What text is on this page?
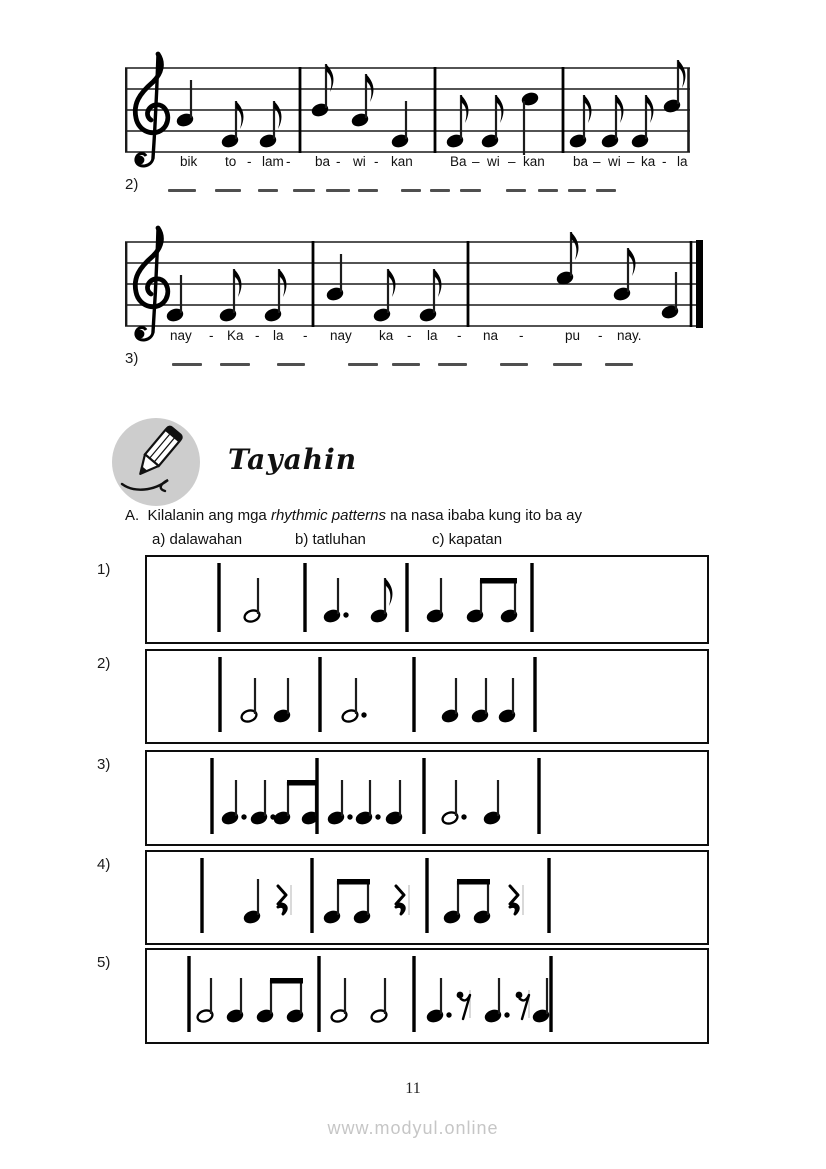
bik to - lam - ba - wi - kan	Ba – wi – kan ba – wi – ka - la
2)
nay - Ka - la - nay ka - la - na -	pu - nay.
3)
Tayahin
A. Kilalanin ang mga rhythmic patterns na nasa ibaba kung ito ba ay
a) dalawahan	b) tatluhan	c) kapatan
1)
2)
3)
4)
5)
11
www.modyul.online
